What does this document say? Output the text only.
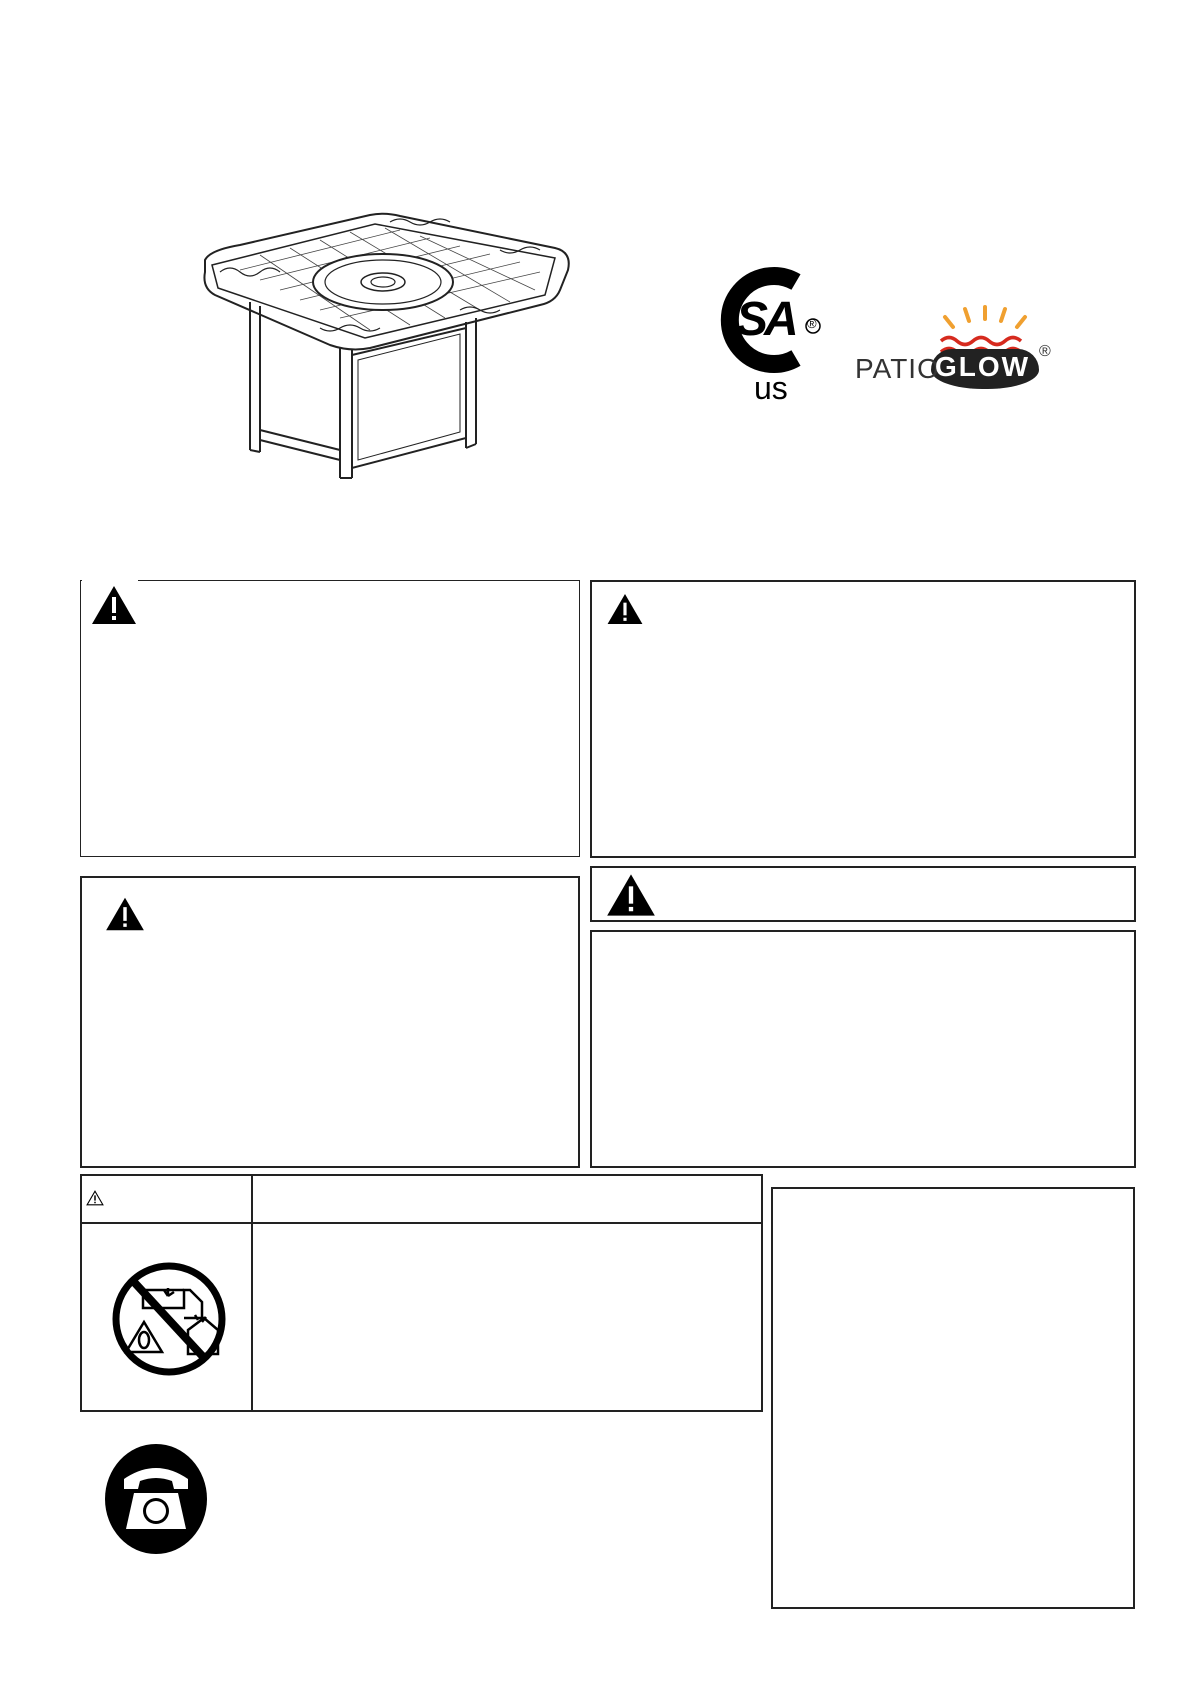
SA ®
us
PATIO
GLOW ®
